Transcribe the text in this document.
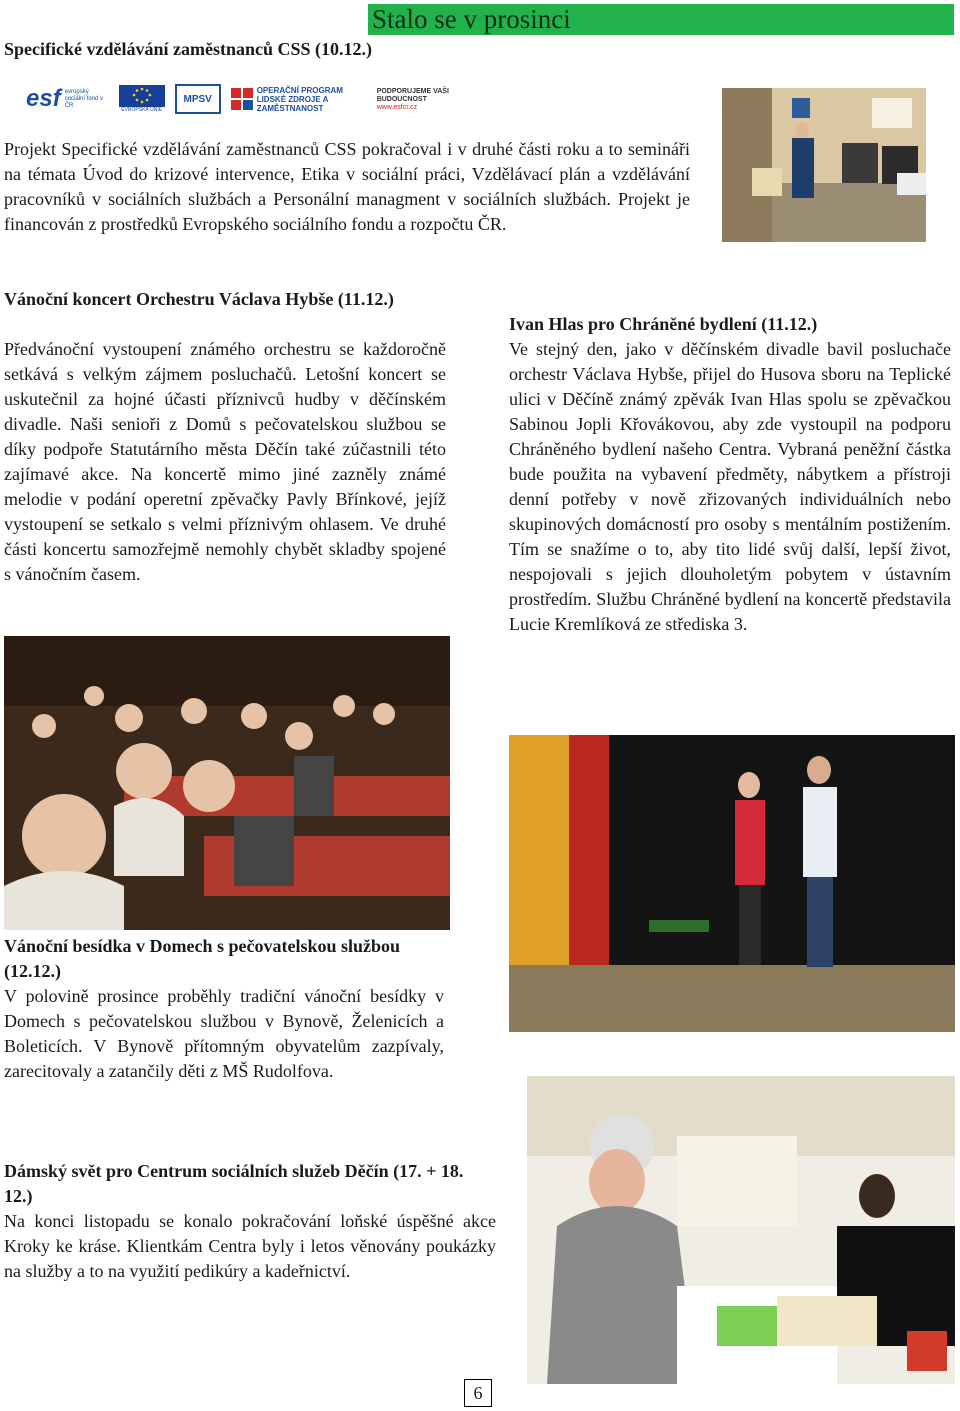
Stalo se v prosinci
Specifické vzdělávání zaměstnanců CSS (10.12.)
esf evropský sociální fond v ČR
EVROPSKÁ UNIE
MPSV
OPERAČNÍ PROGRAM LIDSKÉ ZDROJE A ZAMĚSTNANOST
PODPORUJEME VAŠI BUDOUCNOST
www.esfcr.cz
Projekt Specifické vzdělávání zaměstnanců CSS pokračoval i v druhé části roku a to semináři na témata Úvod do krizové intervence, Etika v sociální práci, Vzdělávací plán a vzdělávání pracovníků v sociálních službách a Personální managment v sociálních službách. Projekt je financován z prostředků Evropského sociálního fondu a rozpočtu ČR.
Vánoční koncert Orchestru Václava Hybše (11.12.)
Předvánoční vystoupení známého orchestru se každoročně setkává s velkým zájmem posluchačů. Letošní koncert se uskutečnil za hojné účasti příznivců hudby v děčínském divadle. Naši senioři z Domů s pečovatelskou službou se díky podpoře Statutárního města Děčín také zúčastnili této zajímavé akce. Na koncertě mimo jiné zazněly známé melodie v podání operetní zpěvačky Pavly Břínkové, jejíž vystoupení se setkalo s velmi příznivým ohlasem. Ve druhé části koncertu samozřejmě nemohly chybět skladby spojené s vánočním časem.
Ivan Hlas pro Chráněné bydlení (11.12.)
Ve stejný den, jako v děčínském divadle bavil posluchače orchestr Václava Hybše, přijel do Husova sboru na Teplické ulici v Děčíně známý zpěvák Ivan Hlas spolu se zpěvačkou Sabinou Jopli Křovákovou, aby zde vystoupil na podporu Chráněného bydlení našeho Centra. Vybraná peněžní částka bude použita na vybavení předměty, nábytkem a přístroji denní potřeby v nově zřizovaných individuálních nebo skupinových domácností pro osoby s mentálním postižením. Tím se snažíme o to, aby tito lidé svůj další, lepší život, nespojovali s jejich dlouholetým pobytem v ústavním prostředím. Službu Chráněné bydlení na koncertě představila Lucie Kremlíková ze střediska 3.
Vánoční besídka v Domech s pečovatelskou službou (12.12.)
V polovině prosince proběhly tradiční vánoční besídky v Domech s pečovatelskou službou v Bynově, Želenicích a Boleticích. V Bynově přítomným obyvatelům zazpívaly, zarecitovaly a zatančily děti z MŠ Rudolfova.
Dámský svět pro Centrum sociálních služeb Děčín (17. + 18. 12.)
Na konci listopadu se konalo pokračování loňské úspěšné akce Kroky ke kráse. Klientkám Centra byly i letos věnovány poukázky na služby a to na využití pedikúry a kadeřnictví.
6
